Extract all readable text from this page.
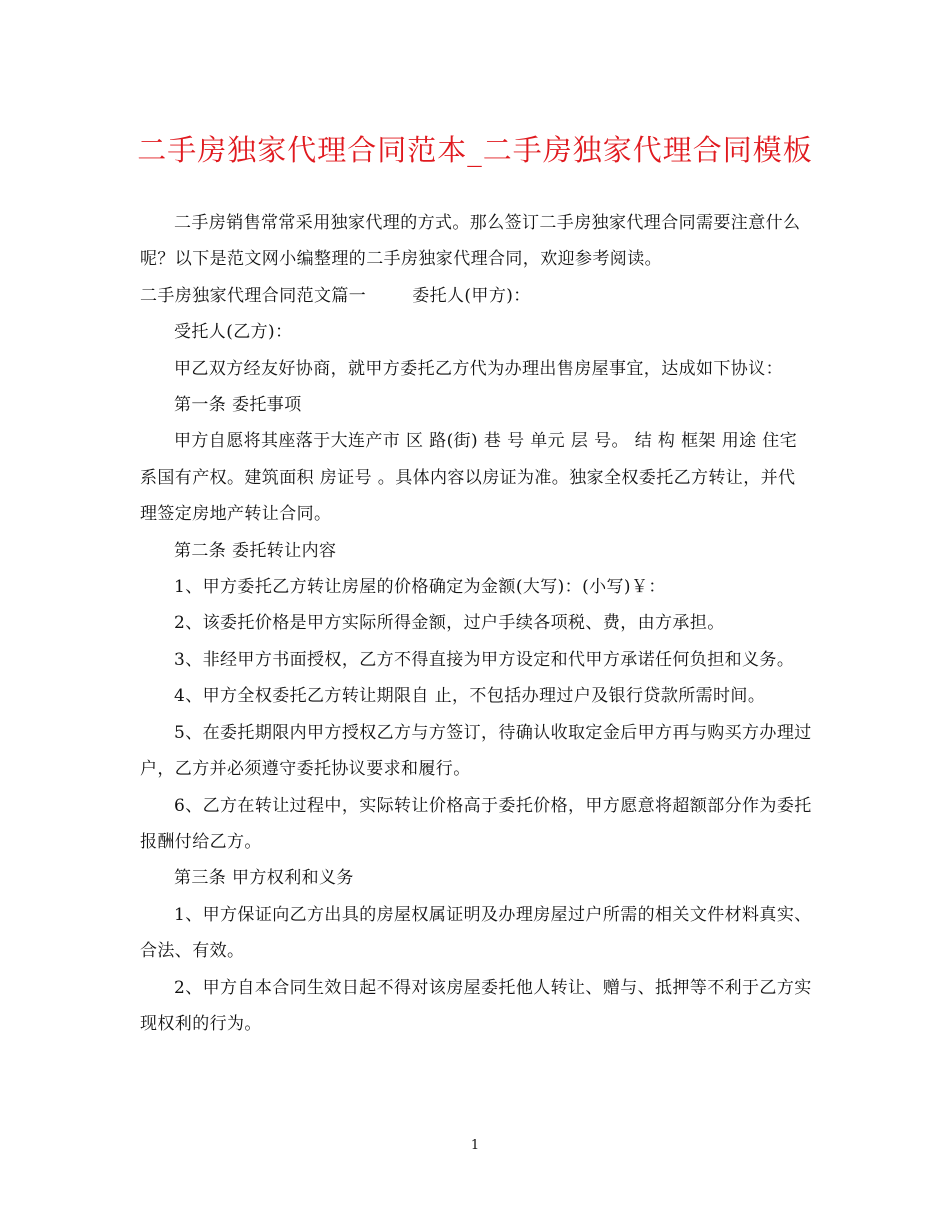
二手房独家代理合同范本_二手房独家代理合同模板

二手房销售常常采用独家代理的方式。那么签订二手房独家代理合同需要注意什么呢？以下是范文网小编整理的二手房独家代理合同，欢迎参考阅读。

二手房独家代理合同范文篇一	委托人(甲方)：

受托人(乙方)：

甲乙双方经友好协商，就甲方委托乙方代为办理出售房屋事宜，达成如下协议：

第一条 委托事项

甲方自愿将其座落于大连产市 区 路(街) 巷 号 单元 层 号。 结 构 框架 用途 住宅 系国有产权。建筑面积 房证号 。具体内容以房证为准。独家全权委托乙方转让，并代理签定房地产转让合同。

第二条 委托转让内容

1、甲方委托乙方转让房屋的价格确定为金额(大写)：(小写)￥：

2、该委托价格是甲方实际所得金额，过户手续各项税、费，由方承担。

3、非经甲方书面授权，乙方不得直接为甲方设定和代甲方承诺任何负担和义务。

4、甲方全权委托乙方转让期限自 止，不包括办理过户及银行贷款所需时间。

5、在委托期限内甲方授权乙方与方签订，待确认收取定金后甲方再与购买方办理过户，乙方并必须遵守委托协议要求和履行。

6、乙方在转让过程中，实际转让价格高于委托价格，甲方愿意将超额部分作为委托报酬付给乙方。

第三条 甲方权利和义务

1、甲方保证向乙方出具的房屋权属证明及办理房屋过户所需的相关文件材料真实、合法、有效。

2、甲方自本合同生效日起不得对该房屋委托他人转让、赠与、抵押等不利于乙方实现权利的行为。

1
